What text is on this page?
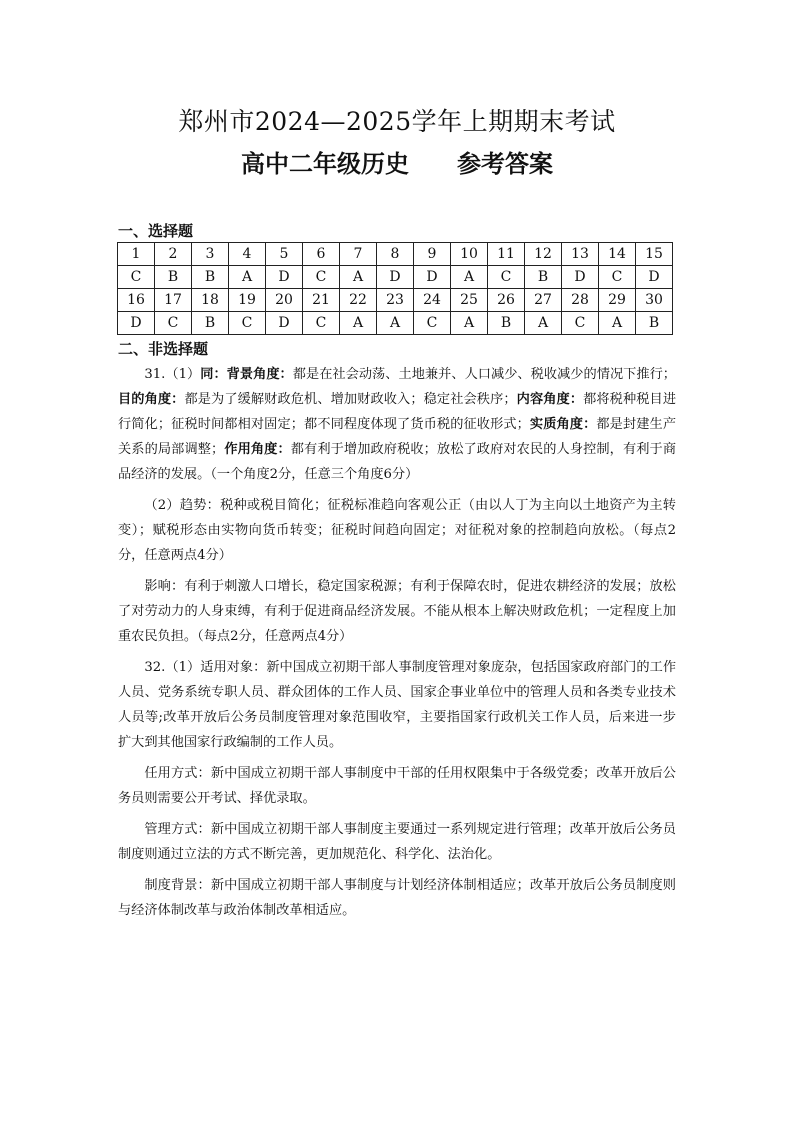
郑州市2024—2025学年上期期末考试
高中二年级历史 参考答案
一、选择题
1	2	3	4	5	6	7	8	9	10	11	12	13	14	15
C	B	B	A	D	C	A	D	D	A	C	B	D	C	D
16	17	18	19	20	21	22	23	24	25	26	27	28	29	30
D	C	B	C	D	C	A	A	C	A	B	A	C	A	B
二、非选择题

31.（1）同：背景角度：都是在社会动荡、土地兼并、人口减少、税收减少的情况下推行；目的角度：都是为了缓解财政危机、增加财政收入；稳定社会秩序；内容角度：都将税种税目进行简化；征税时间都相对固定；都不同程度体现了货币税的征收形式；实质角度：都是封建生产关系的局部调整；作用角度：都有利于增加政府税收；放松了政府对农民的人身控制，有利于商品经济的发展。（一个角度2分，任意三个角度6分）

（2）趋势：税种或税目简化；征税标准趋向客观公正（由以人丁为主向以土地资产为主转变）；赋税形态由实物向货币转变；征税时间趋向固定；对征税对象的控制趋向放松。（每点2分，任意两点4分）

影响：有利于刺激人口增长，稳定国家税源；有利于保障农时，促进农耕经济的发展；放松了对劳动力的人身束缚，有利于促进商品经济发展。不能从根本上解决财政危机；一定程度上加重农民负担。（每点2分，任意两点4分）

32.（1）适用对象：新中国成立初期干部人事制度管理对象庞杂，包括国家政府部门的工作人员、党务系统专职人员、群众团体的工作人员、国家企事业单位中的管理人员和各类专业技术人员等;改革开放后公务员制度管理对象范围收窄，主要指国家行政机关工作人员，后来进一步扩大到其他国家行政编制的工作人员。

任用方式：新中国成立初期干部人事制度中干部的任用权限集中于各级党委；改革开放后公务员则需要公开考试、择优录取。

管理方式：新中国成立初期干部人事制度主要通过一系列规定进行管理；改革开放后公务员制度则通过立法的方式不断完善，更加规范化、科学化、法治化。

制度背景：新中国成立初期干部人事制度与计划经济体制相适应；改革开放后公务员制度则与经济体制改革与政治体制改革相适应。
